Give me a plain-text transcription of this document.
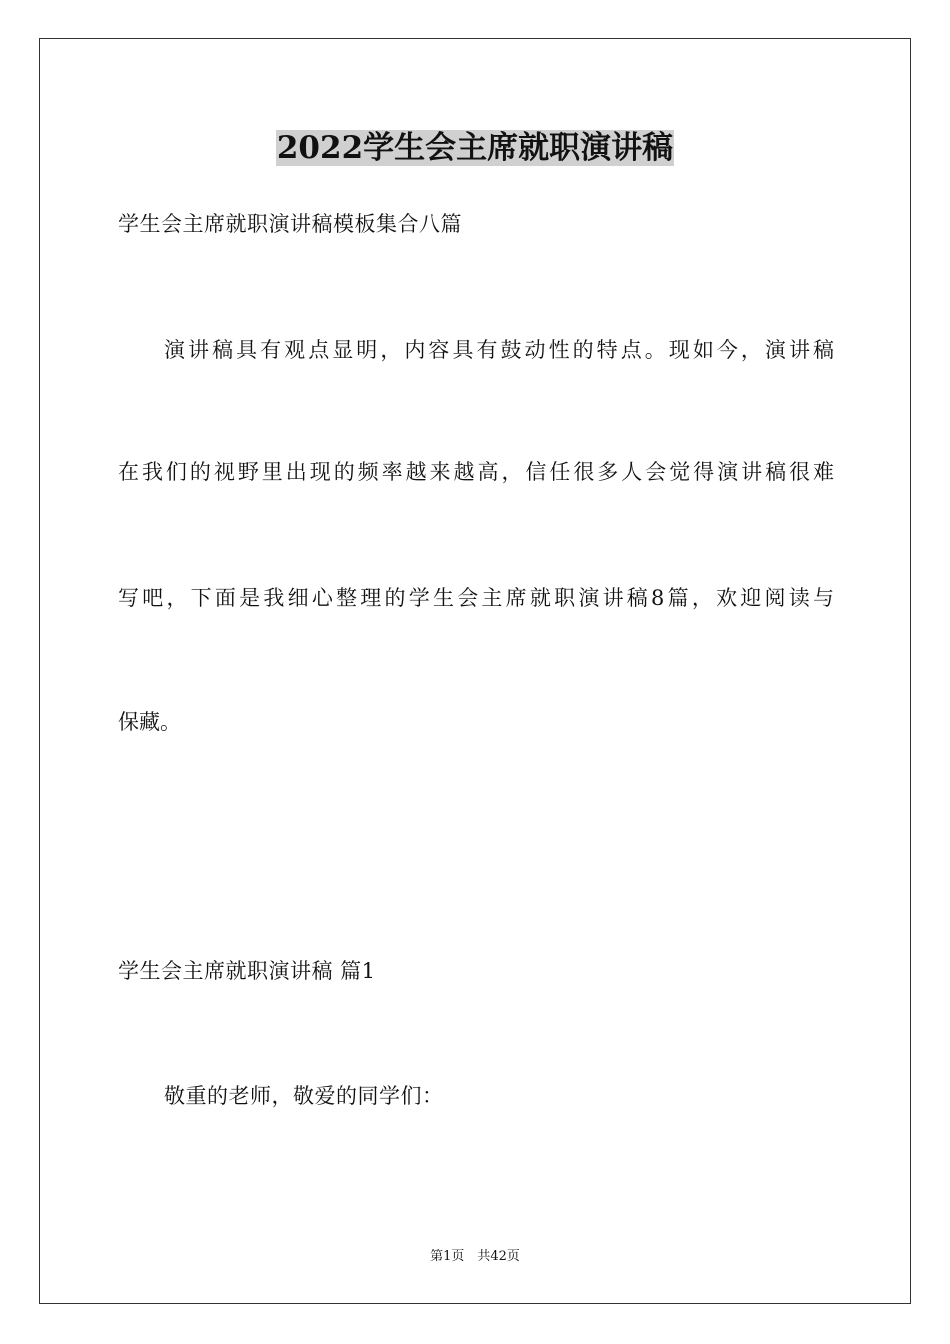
2022学生会主席就职演讲稿
学生会主席就职演讲稿模板集合八篇
演讲稿具有观点显明，内容具有鼓动性的特点。现如今，演讲稿
在我们的视野里出现的频率越来越高，信任很多人会觉得演讲稿很难
写吧，下面是我细心整理的学生会主席就职演讲稿8篇，欢迎阅读与
保藏。
学生会主席就职演讲稿 篇1
敬重的老师，敬爱的同学们：
第1页　共42页
